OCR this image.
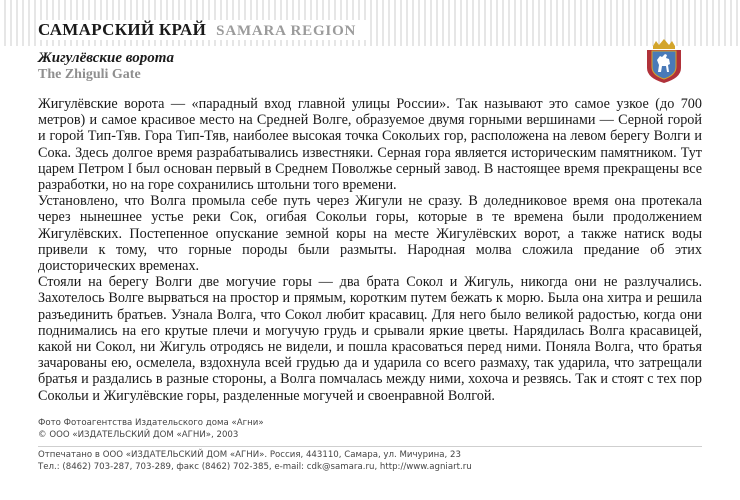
САМАРСКИЙ КРАЙ SAMARA REGION
Жигулёвские ворота
The Zhiguli Gate

Жигулёвские ворота — «парадный вход главной улицы России». Так называют это самое узкое (до 700 метров) и самое красивое место на Средней Волге, образуемое двумя горными вершинами — Серной горой и горой Тип-Тяв. Гора Тип-Тяв, наиболее высокая точка Сокольих гор, расположена на левом берегу Волги и Сока. Здесь долгое время разрабатывались известняки. Серная гора является историческим памятником. Тут царем Петром I был основан первый в Среднем Поволжье серный завод. В настоящее время прекращены все разработки, но на горе сохранились штольни того времени.

Установлено, что Волга промыла себе путь через Жигули не сразу. В доледниковое время она протекала через нынешнее устье реки Сок, огибая Сокольи горы, которые в те времена были продолжением Жигулёвских. Постепенное опускание земной коры на месте Жигулёвских ворот, а также натиск воды привели к тому, что горные породы были размыты. Народная молва сложила предание об этих доисторических временах.

Стояли на берегу Волги две могучие горы — два брата Сокол и Жигуль, никогда они не разлучались. Захотелось Волге вырваться на простор и прямым, коротким путем бежать к морю. Была она хитра и решила разъединить братьев. Узнала Волга, что Сокол любит красавиц. Для него было великой радостью, когда они поднимались на его крутые плечи и могучую грудь и срывали яркие цветы. Нарядилась Волга красавицей, какой ни Сокол, ни Жигуль отродясь не видели, и пошла красоваться перед ними. Поняла Волга, что братья зачарованы ею, осмелела, вздохнула всей грудью да и ударила со всего размаху, так ударила, что затрещали братья и раздались в разные стороны, а Волга помчалась между ними, хохоча и резвясь. Так и стоят с тех пор Сокольи и Жигулёвские горы, разделенные могучей и своенравной Волгой.

Фото Фотоагентства Издательского дома «Агни»
© ООО «ИЗДАТЕЛЬСКИЙ ДОМ «АГНИ», 2003
Отпечатано в ООО «ИЗДАТЕЛЬСКИЙ ДОМ «АГНИ». Россия, 443110, Самара, ул. Мичурина, 23
Тел.: (8462) 703-287, 703-289, факс (8462) 702-385, e-mail: cdk@samara.ru, http://www.agniart.ru
